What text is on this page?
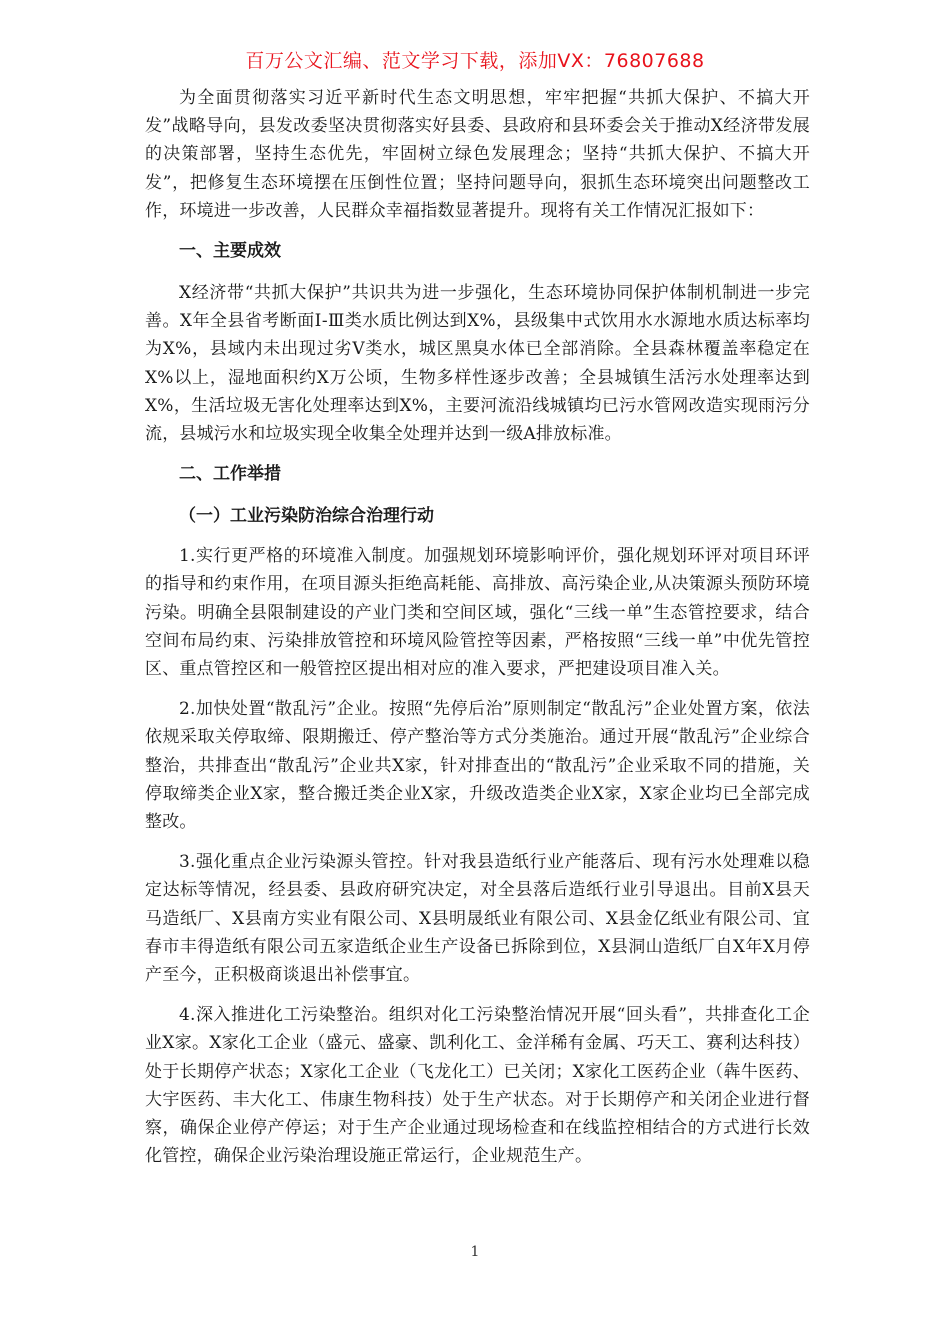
百万公文汇编、范文学习下载，添加VX：76807688

为全面贯彻落实习近平新时代生态文明思想，牢牢把握“共抓大保护、不搞大开发”战略导向，县发改委坚决贯彻落实好县委、县政府和县环委会关于推动X经济带发展的决策部署，坚持生态优先，牢固树立绿色发展理念；坚持“共抓大保护、不搞大开发”，把修复生态环境摆在压倒性位置；坚持问题导向，狠抓生态环境突出问题整改工作，环境进一步改善，人民群众幸福指数显著提升。现将有关工作情况汇报如下：

一、主要成效

X经济带“共抓大保护”共识共为进一步强化，生态环境协同保护体制机制进一步完善。X年全县省考断面Ⅰ-Ⅲ类水质比例达到X%，县级集中式饮用水水源地水质达标率均为X%，县域内未出现过劣Ⅴ类水，城区黑臭水体已全部消除。全县森林覆盖率稳定在X%以上，湿地面积约X万公顷，生物多样性逐步改善；全县城镇生活污水处理率达到X%，生活垃圾无害化处理率达到X%，主要河流沿线城镇均已污水管网改造实现雨污分流，县城污水和垃圾实现全收集全处理并达到一级A排放标准。

二、工作举措
（一）工业污染防治综合治理行动

1.实行更严格的环境准入制度。加强规划环境影响评价，强化规划环评对项目环评的指导和约束作用，在项目源头拒绝高耗能、高排放、高污染企业,从决策源头预防环境污染。明确全县限制建设的产业门类和空间区域，强化“三线一单”生态管控要求，结合空间布局约束、污染排放管控和环境风险管控等因素，严格按照“三线一单”中优先管控区、重点管控区和一般管控区提出相对应的准入要求，严把建设项目准入关。

2.加快处置“散乱污”企业。按照“先停后治”原则制定“散乱污”企业处置方案，依法依规采取关停取缔、限期搬迁、停产整治等方式分类施治。通过开展“散乱污”企业综合整治，共排查出“散乱污”企业共X家，针对排查出的“散乱污”企业采取不同的措施，关停取缔类企业X家，整合搬迁类企业X家，升级改造类企业X家，X家企业均已全部完成整改。

3.强化重点企业污染源头管控。针对我县造纸行业产能落后、现有污水处理难以稳定达标等情况，经县委、县政府研究决定，对全县落后造纸行业引导退出。目前X县天马造纸厂、X县南方实业有限公司、X县明晟纸业有限公司、X县金亿纸业有限公司、宜春市丰得造纸有限公司五家造纸企业生产设备已拆除到位，X县洞山造纸厂自X年X月停产至今，正积极商谈退出补偿事宜。

4.深入推进化工污染整治。组织对化工污染整治情况开展“回头看”，共排查化工企业X家。X家化工企业（盛元、盛豪、凯利化工、金洋稀有金属、巧天工、赛利达科技）处于长期停产状态；X家化工企业（飞龙化工）已关闭；X家化工医药企业（犇牛医药、大宇医药、丰大化工、伟康生物科技）处于生产状态。对于长期停产和关闭企业进行督察，确保企业停产停运；对于生产企业通过现场检查和在线监控相结合的方式进行长效化管控，确保企业污染治理设施正常运行，企业规范生产。

1
